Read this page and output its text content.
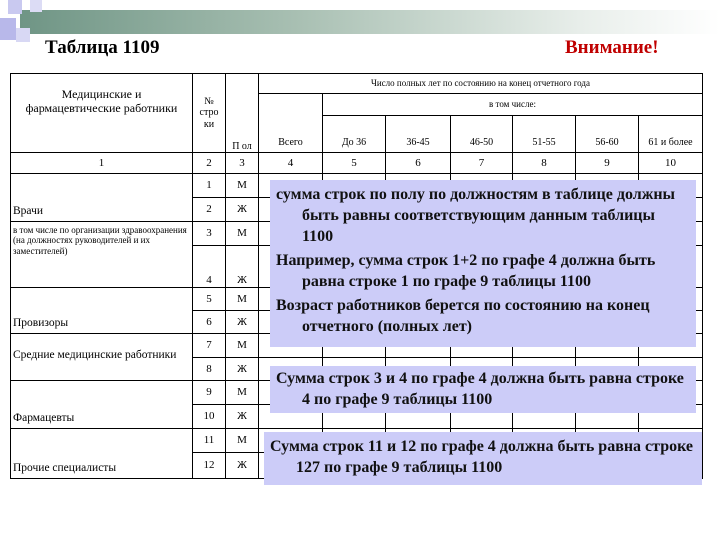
Таблица 1109	Внимание!
Медицинские и фармацевтические работники	№ стро ки	П ол	Число полных лет по состоянию на конец отчетного года						
			Всего	в том числе:					
				До 36	36-45	46-50	51-55	56-60	61 и более
1	2	3	4	5	6	7	8	9	10
Врачи	1	М							
	2	Ж							
в том числе по организации здравоохранения (на должностях руководителей и их заместителей)	3	М							
	4	Ж							
Провизоры	5	М							
	6	Ж							
Средние медицинские работники	7	М							
	8	Ж							
Фармацевты	9	М							
	10	Ж							
Прочие специалисты	11	М							
	12	Ж							

сумма строк по полу по должностям в таблице должны быть равны соответствующим данным таблицы 1100

Например, сумма строк 1+2 по графе 4 должна быть равна строке 1 по графе 9 таблицы 1100

Возраст работников берется по состоянию на конец отчетного (полных лет)

Сумма строк 3 и 4 по графе 4 должна быть равна строке 4 по графе 9 таблицы 1100

Сумма строк 11 и 12 по графе 4 должна быть равна строке 127 по графе 9 таблицы 1100
